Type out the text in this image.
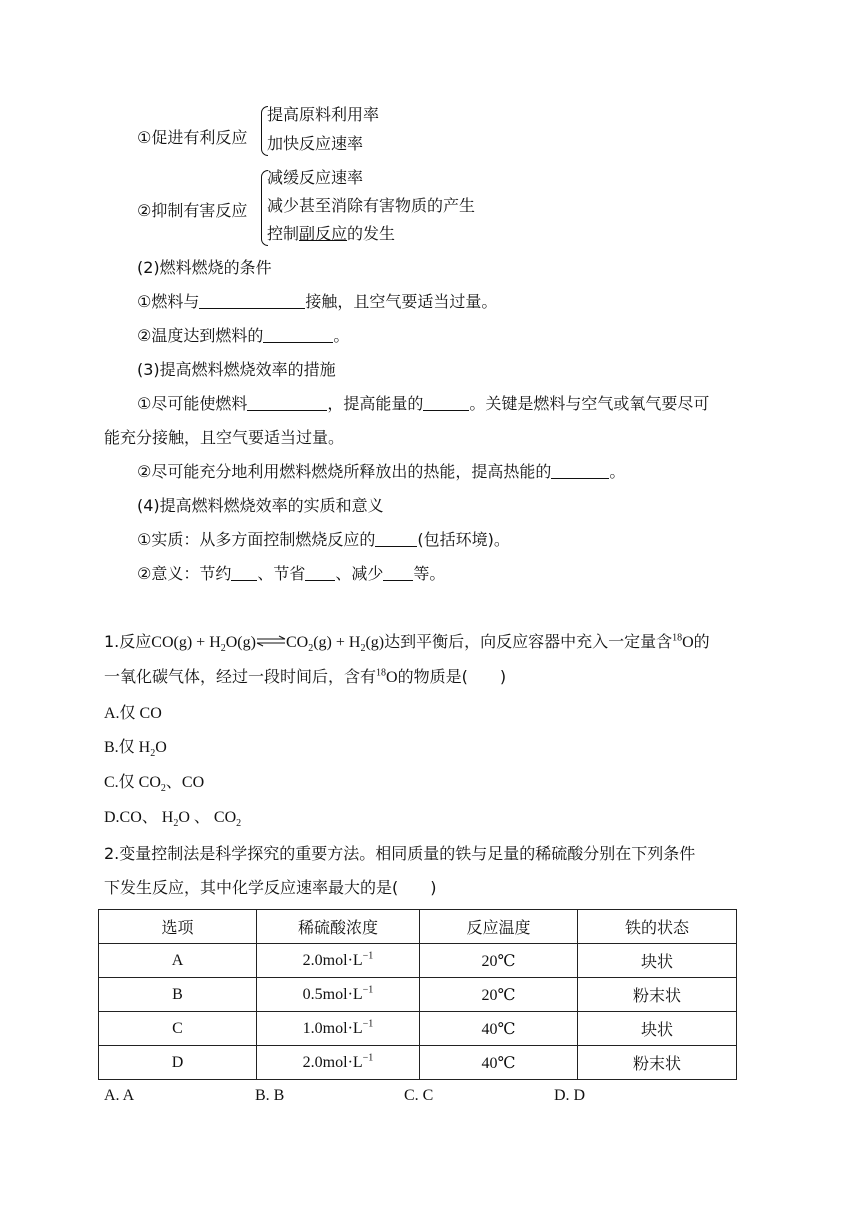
①促进有利反应
提高原料利用率
加快反应速率
②抑制有害反应
减缓反应速率
减少甚至消除有害物质的产生
控制副反应的发生
(2)燃料燃烧的条件
①燃料与	接触，且空气要适当过量。
②温度达到燃料的	。
(3)提高燃料燃烧效率的措施
①尽可能使燃料	，提高能量的	。关键是燃料与空气或氧气要尽可
能充分接触，且空气要适当过量。
②尽可能充分地利用燃料燃烧所释放出的热能，提高热能的	。
(4)提高燃料燃烧效率的实质和意义
①实质：从多方面控制燃烧反应的	(包括环境)。
②意义：节约 、节省 、减少 等。
1.反应$CO(g) + H_2O(g)\rightleftharpoons CO_2(g) + H_2(g)$达到平衡后，向反应容器中充入一定量含$^{18}$O的
一氧化碳气体，经过一段时间后，含有$^{18}$O的物质是(　　)
A.仅 CO
B.仅 $H_2O$
C.仅 $CO_2$、CO
D.CO、 $H_2O$ 、 $CO_2$
2.变量控制法是科学探究的重要方法。相同质量的铁与足量的稀硫酸分别在下列条件
下发生反应，其中化学反应速率最大的是(　　)
选项	稀硫酸浓度	反应温度	铁的状态
A	$2.0mol\cdot L^{-1}$	20℃	块状
B	$0.5mol\cdot L^{-1}$	20℃	粉末状
C	$1.0mol\cdot L^{-1}$	40℃	块状
D	$2.0mol\cdot L^{-1}$	40℃	粉末状
A. A	B. B	C. C	D. D
